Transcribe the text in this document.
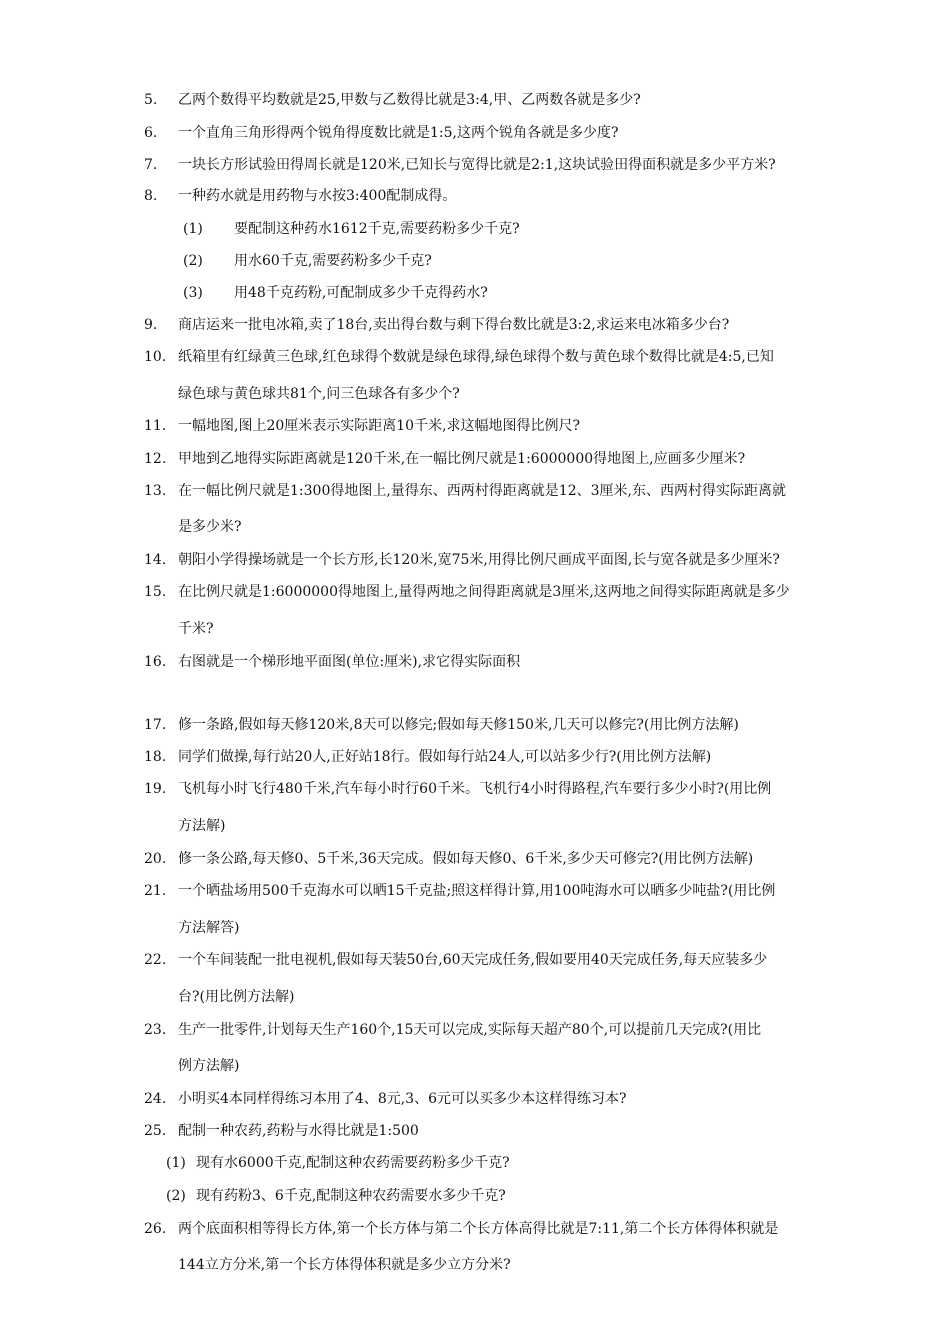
5. 乙两个数得平均数就是25,甲数与乙数得比就是3:4,甲、乙两数各就是多少?
6. 一个直角三角形得两个锐角得度数比就是1:5,这两个锐角各就是多少度?
7. 一块长方形试验田得周长就是120米,已知长与宽得比就是2:1,这块试验田得面积就是多少平方米?
8. 一种药水就是用药物与水按3:400配制成得。
(1) 要配制这种药水1612千克,需要药粉多少千克?
(2) 用水60千克,需要药粉多少千克?
(3) 用48千克药粉,可配制成多少千克得药水?
9. 商店运来一批电冰箱,卖了18台,卖出得台数与剩下得台数比就是3:2,求运来电冰箱多少台?
10. 纸箱里有红绿黄三色球,红色球得个数就是绿色球得,绿色球得个数与黄色球个数得比就是4:5,已知
绿色球与黄色球共81个,问三色球各有多少个?
11. 一幅地图,图上20厘米表示实际距离10千米,求这幅地图得比例尺?
12. 甲地到乙地得实际距离就是120千米,在一幅比例尺就是1:6000000得地图上,应画多少厘米?
13. 在一幅比例尺就是1:300得地图上,量得东、西两村得距离就是12、3厘米,东、西两村得实际距离就
是多少米?
14. 朝阳小学得操场就是一个长方形,长120米,宽75米,用得比例尺画成平面图,长与宽各就是多少厘米?
15. 在比例尺就是1:6000000得地图上,量得两地之间得距离就是3厘米,这两地之间得实际距离就是多少
千米?
16. 右图就是一个梯形地平面图(单位:厘米),求它得实际面积
17. 修一条路,假如每天修120米,8天可以修完;假如每天修150米,几天可以修完?(用比例方法解)
18. 同学们做操,每行站20人,正好站18行。假如每行站24人,可以站多少行?(用比例方法解)
19. 飞机每小时飞行480千米,汽车每小时行60千米。飞机行4小时得路程,汽车要行多少小时?(用比例
方法解)
20. 修一条公路,每天修0、5千米,36天完成。假如每天修0、6千米,多少天可修完?(用比例方法解)
21. 一个晒盐场用500千克海水可以晒15千克盐;照这样得计算,用100吨海水可以晒多少吨盐?(用比例
方法解答)
22. 一个车间装配一批电视机,假如每天装50台,60天完成任务,假如要用40天完成任务,每天应装多少
台?(用比例方法解)
23. 生产一批零件,计划每天生产160个,15天可以完成,实际每天超产80个,可以提前几天完成?(用比
例方法解)
24. 小明买4本同样得练习本用了4、8元,3、6元可以买多少本这样得练习本?
25. 配制一种农药,药粉与水得比就是1:500
(1) 现有水6000千克,配制这种农药需要药粉多少千克?
(2) 现有药粉3、6千克,配制这种农药需要水多少千克?
26. 两个底面积相等得长方体,第一个长方体与第二个长方体高得比就是7:11,第二个长方体得体积就是
144立方分米,第一个长方体得体积就是多少立方分米?
